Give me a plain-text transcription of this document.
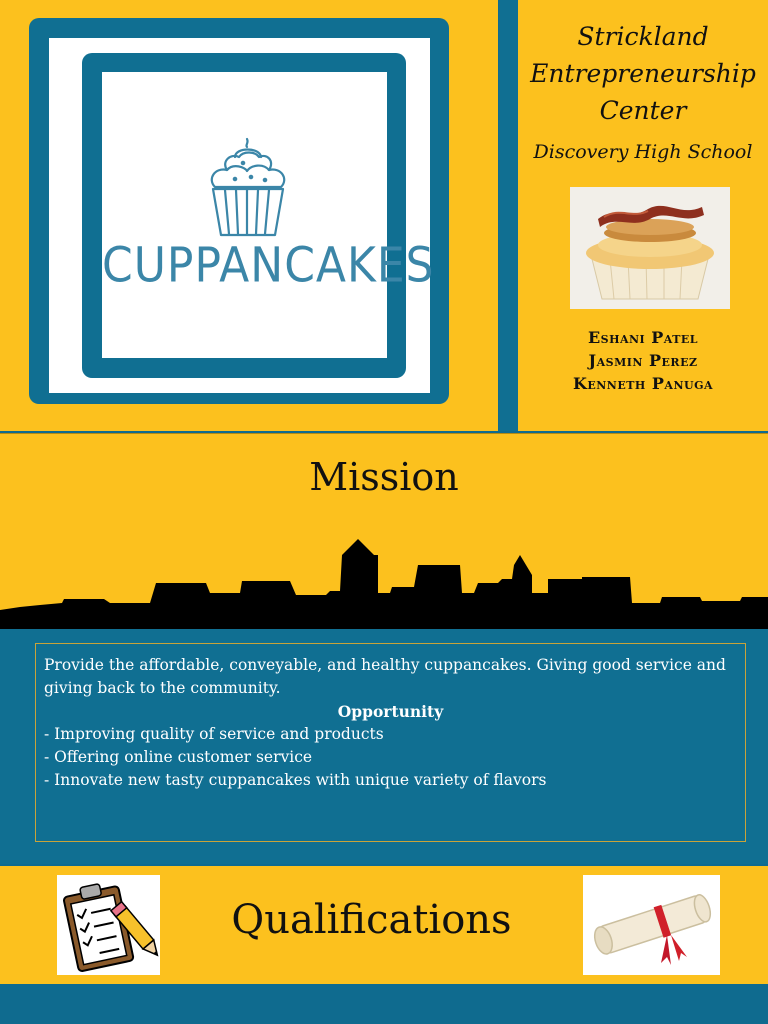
CUPPANCAKES
Strickland
Entrepreneurship
Center
Discovery High School
Eshani Patel
Jasmin Perez
Kenneth Panuga
Mission

Provide the affordable, conveyable, and healthy cuppancakes. Giving good service and giving back to the community.

Opportunity

- Improving quality of service and products

- Offering online customer service

- Innovate new tasty cuppancakes with unique variety of flavors

Qualifications
